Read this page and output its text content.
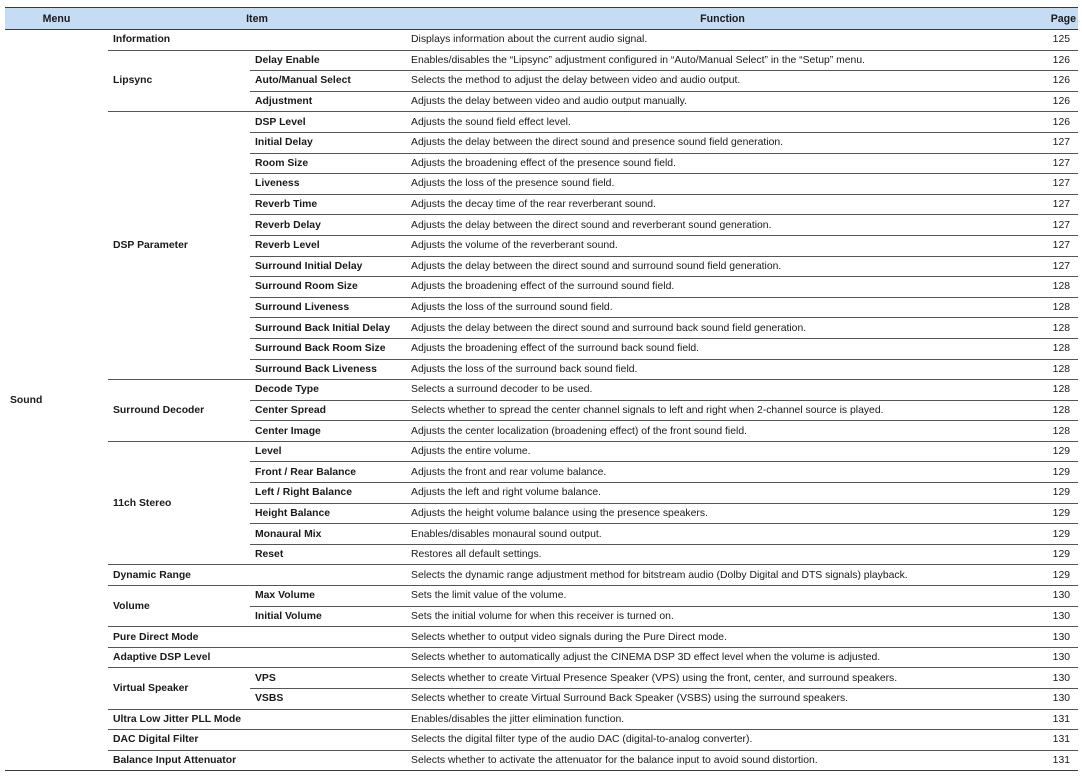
Menu	Item		Function	Page
Sound	Information		Displays information about the current audio signal.	125
	Lipsync	Delay Enable	Enables/disables the “Lipsync” adjustment configured in “Auto/Manual Select” in the “Setup” menu.	126
		Auto/Manual Select	Selects the method to adjust the delay between video and audio output.	126
		Adjustment	Adjusts the delay between video and audio output manually.	126
	DSP Parameter	DSP Level	Adjusts the sound field effect level.	126
		Initial Delay	Adjusts the delay between the direct sound and presence sound field generation.	127
		Room Size	Adjusts the broadening effect of the presence sound field.	127
		Liveness	Adjusts the loss of the presence sound field.	127
		Reverb Time	Adjusts the decay time of the rear reverberant sound.	127
		Reverb Delay	Adjusts the delay between the direct sound and reverberant sound generation.	127
		Reverb Level	Adjusts the volume of the reverberant sound.	127
		Surround Initial Delay	Adjusts the delay between the direct sound and surround sound field generation.	127
		Surround Room Size	Adjusts the broadening effect of the surround sound field.	128
		Surround Liveness	Adjusts the loss of the surround sound field.	128
		Surround Back Initial Delay	Adjusts the delay between the direct sound and surround back sound field generation.	128
		Surround Back Room Size	Adjusts the broadening effect of the surround back sound field.	128
		Surround Back Liveness	Adjusts the loss of the surround back sound field.	128
	Surround Decoder	Decode Type	Selects a surround decoder to be used.	128
		Center Spread	Selects whether to spread the center channel signals to left and right when 2-channel source is played.	128
		Center Image	Adjusts the center localization (broadening effect) of the front sound field.	128
	11ch Stereo	Level	Adjusts the entire volume.	129
		Front / Rear Balance	Adjusts the front and rear volume balance.	129
		Left / Right Balance	Adjusts the left and right volume balance.	129
		Height Balance	Adjusts the height volume balance using the presence speakers.	129
		Monaural Mix	Enables/disables monaural sound output.	129
		Reset	Restores all default settings.	129
	Dynamic Range		Selects the dynamic range adjustment method for bitstream audio (Dolby Digital and DTS signals) playback.	129
	Volume	Max Volume	Sets the limit value of the volume.	130
		Initial Volume	Sets the initial volume for when this receiver is turned on.	130
	Pure Direct Mode		Selects whether to output video signals during the Pure Direct mode.	130
	Adaptive DSP Level		Selects whether to automatically adjust the CINEMA DSP 3D effect level when the volume is adjusted.	130
	Virtual Speaker	VPS	Selects whether to create Virtual Presence Speaker (VPS) using the front, center, and surround speakers.	130
		VSBS	Selects whether to create Virtual Surround Back Speaker (VSBS) using the surround speakers.	130
	Ultra Low Jitter PLL Mode		Enables/disables the jitter elimination function.	131
	DAC Digital Filter		Selects the digital filter type of the audio DAC (digital-to-analog converter).	131
	Balance Input Attenuator		Selects whether to activate the attenuator for the balance input to avoid sound distortion.	131
